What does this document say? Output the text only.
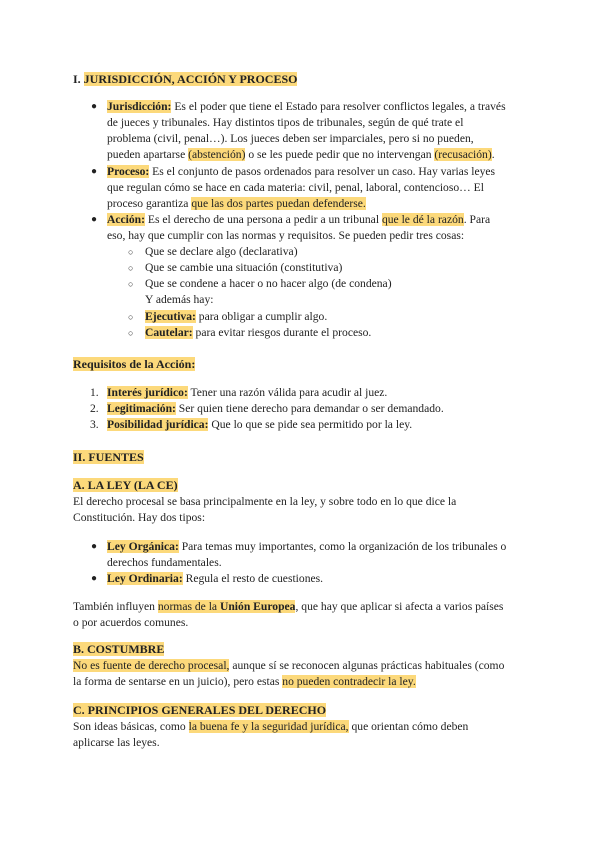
I. JURISDICCIÓN, ACCIÓN Y PROCESO
● Jurisdicción: Es el poder que tiene el Estado para resolver conflictos legales, a través
de jueces y tribunales. Hay distintos tipos de tribunales, según de qué trate el
problema (civil, penal…). Los jueces deben ser imparciales, pero si no pueden,
pueden apartarse (abstención) o se les puede pedir que no intervengan (recusación).
● Proceso: Es el conjunto de pasos ordenados para resolver un caso. Hay varias leyes
que regulan cómo se hace en cada materia: civil, penal, laboral, contencioso… El
proceso garantiza que las dos partes puedan defenderse.
● Acción: Es el derecho de una persona a pedir a un tribunal que le dé la razón. Para
eso, hay que cumplir con las normas y requisitos. Se pueden pedir tres cosas:
○ Que se declare algo (declarativa)
○ Que se cambie una situación (constitutiva)
○ Que se condene a hacer o no hacer algo (de condena)
Y además hay:
○ Ejecutiva: para obligar a cumplir algo.
○ Cautelar: para evitar riesgos durante el proceso.
Requisitos de la Acción:
1. Interés jurídico: Tener una razón válida para acudir al juez.
2. Legitimación: Ser quien tiene derecho para demandar o ser demandado.
3. Posibilidad jurídica: Que lo que se pide sea permitido por la ley.
II. FUENTES
A. LA LEY (LA CE)
El derecho procesal se basa principalmente en la ley, y sobre todo en lo que dice la
Constitución. Hay dos tipos:
● Ley Orgánica: Para temas muy importantes, como la organización de los tribunales o
derechos fundamentales.
● Ley Ordinaria: Regula el resto de cuestiones.
También influyen normas de la Unión Europea, que hay que aplicar si afecta a varios países
o por acuerdos comunes.
B. COSTUMBRE
No es fuente de derecho procesal, aunque sí se reconocen algunas prácticas habituales (como
la forma de sentarse en un juicio), pero estas no pueden contradecir la ley.
C. PRINCIPIOS GENERALES DEL DERECHO
Son ideas básicas, como la buena fe y la seguridad jurídica, que orientan cómo deben
aplicarse las leyes.
